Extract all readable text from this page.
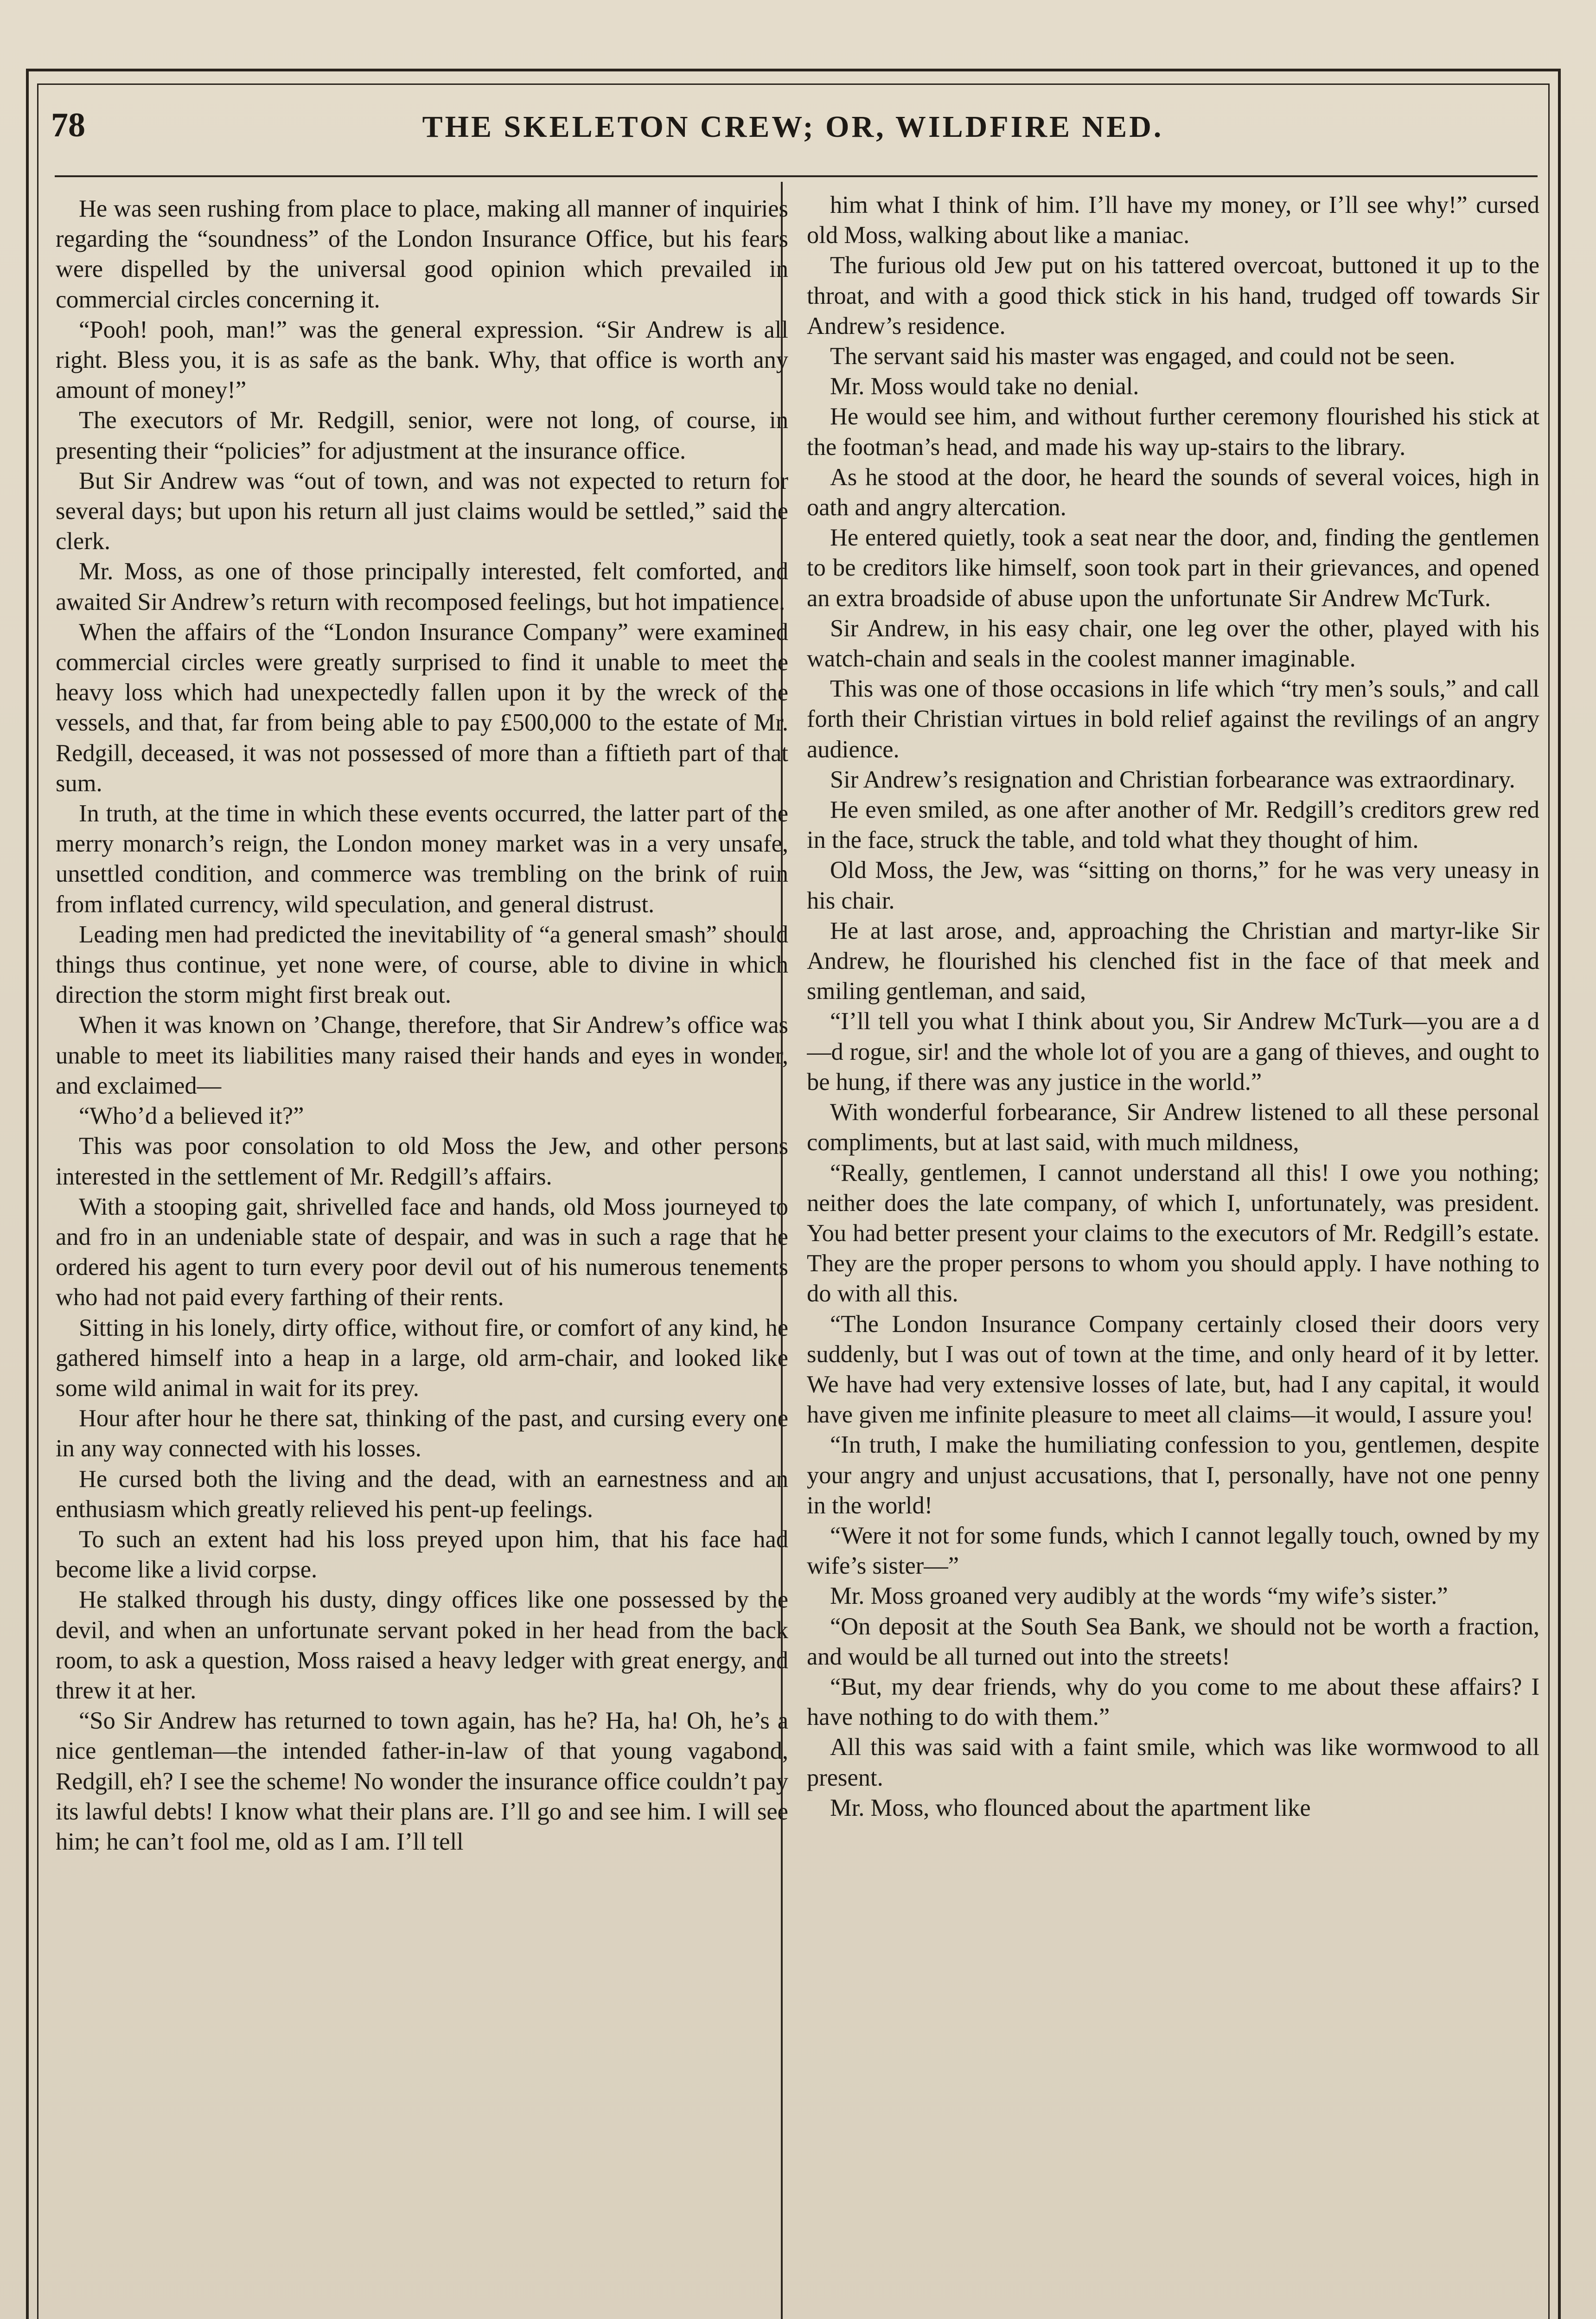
78	THE SKELETON CREW; OR, WILDFIRE NED.

He was seen rushing from place to place, making all manner of inquiries regarding the “soundness” of the London Insurance Office, but his fears were dispelled by the universal good opinion which prevailed in commercial circles concerning it.

“Pooh! pooh, man!” was the general expression. “Sir Andrew is all right. Bless you, it is as safe as the bank. Why, that office is worth any amount of money!”

The executors of Mr. Redgill, senior, were not long, of course, in presenting their “policies” for adjustment at the insurance office.

But Sir Andrew was “out of town, and was not expected to return for several days; but upon his return all just claims would be settled,” said the clerk.

Mr. Moss, as one of those principally interested, felt comforted, and awaited Sir Andrew’s return with recomposed feelings, but hot impatience.

When the affairs of the “London Insurance Company” were examined commercial circles were greatly surprised to find it unable to meet the heavy loss which had unexpectedly fallen upon it by the wreck of the vessels, and that, far from being able to pay £500,000 to the estate of Mr. Redgill, deceased, it was not possessed of more than a fiftieth part of that sum.

In truth, at the time in which these events occurred, the latter part of the merry monarch’s reign, the London money market was in a very unsafe, unsettled condition, and commerce was trembling on the brink of ruin from inflated currency, wild speculation, and general distrust.

Leading men had predicted the inevitability of “a general smash” should things thus continue, yet none were, of course, able to divine in which direction the storm might first break out.

When it was known on ’Change, therefore, that Sir Andrew’s office was unable to meet its liabilities many raised their hands and eyes in wonder, and exclaimed—

“Who’d a believed it?”

This was poor consolation to old Moss the Jew, and other persons interested in the settlement of Mr. Redgill’s affairs.

With a stooping gait, shrivelled face and hands, old Moss journeyed to and fro in an undeniable state of despair, and was in such a rage that he ordered his agent to turn every poor devil out of his numerous tenements who had not paid every farthing of their rents.

Sitting in his lonely, dirty office, without fire, or comfort of any kind, he gathered himself into a heap in a large, old arm-chair, and looked like some wild animal in wait for its prey.

Hour after hour he there sat, thinking of the past, and cursing every one in any way connected with his losses.

He cursed both the living and the dead, with an earnestness and an enthusiasm which greatly relieved his pent-up feelings.

To such an extent had his loss preyed upon him, that his face had become like a livid corpse.

He stalked through his dusty, dingy offices like one possessed by the devil, and when an unfortunate servant poked in her head from the back room, to ask a question, Moss raised a heavy ledger with great energy, and threw it at her.

“So Sir Andrew has returned to town again, has he? Ha, ha! Oh, he’s a nice gentleman—the intended father-in-law of that young vagabond, Redgill, eh? I see the scheme! No wonder the insurance office couldn’t pay its lawful debts! I know what their plans are. I’ll go and see him. I will see him; he can’t fool me, old as I am. I’ll tell

him what I think of him. I’ll have my money, or I’ll see why!” cursed old Moss, walking about like a maniac.

The furious old Jew put on his tattered overcoat, buttoned it up to the throat, and with a good thick stick in his hand, trudged off towards Sir Andrew’s residence.

The servant said his master was engaged, and could not be seen.

Mr. Moss would take no denial.

He would see him, and without further ceremony flourished his stick at the footman’s head, and made his way up-stairs to the library.

As he stood at the door, he heard the sounds of several voices, high in oath and angry altercation.

He entered quietly, took a seat near the door, and, finding the gentlemen to be creditors like himself, soon took part in their grievances, and opened an extra broadside of abuse upon the unfortunate Sir Andrew McTurk.

Sir Andrew, in his easy chair, one leg over the other, played with his watch-chain and seals in the coolest manner imaginable.

This was one of those occasions in life which “try men’s souls,” and call forth their Christian virtues in bold relief against the revilings of an angry audience.

Sir Andrew’s resignation and Christian forbearance was extraordinary.

He even smiled, as one after another of Mr. Redgill’s creditors grew red in the face, struck the table, and told what they thought of him.

Old Moss, the Jew, was “sitting on thorns,” for he was very uneasy in his chair.

He at last arose, and, approaching the Christian and martyr-like Sir Andrew, he flourished his clenched fist in the face of that meek and smiling gentleman, and said,

“I’ll tell you what I think about you, Sir Andrew McTurk—you are a d—d rogue, sir! and the whole lot of you are a gang of thieves, and ought to be hung, if there was any justice in the world.”

With wonderful forbearance, Sir Andrew listened to all these personal compliments, but at last said, with much mildness,

“Really, gentlemen, I cannot understand all this! I owe you nothing; neither does the late company, of which I, unfortunately, was president. You had better present your claims to the executors of Mr. Redgill’s estate. They are the proper persons to whom you should apply. I have nothing to do with all this.

“The London Insurance Company certainly closed their doors very suddenly, but I was out of town at the time, and only heard of it by letter. We have had very extensive losses of late, but, had I any capital, it would have given me infinite pleasure to meet all claims—it would, I assure you!

“In truth, I make the humiliating confession to you, gentlemen, despite your angry and unjust accusations, that I, personally, have not one penny in the world!

“Were it not for some funds, which I cannot legally touch, owned by my wife’s sister—”

Mr. Moss groaned very audibly at the words “my wife’s sister.”

“On deposit at the South Sea Bank, we should not be worth a fraction, and would be all turned out into the streets!

“But, my dear friends, why do you come to me about these affairs? I have nothing to do with them.”

All this was said with a faint smile, which was like wormwood to all present.

Mr. Moss, who flounced about the apartment like
